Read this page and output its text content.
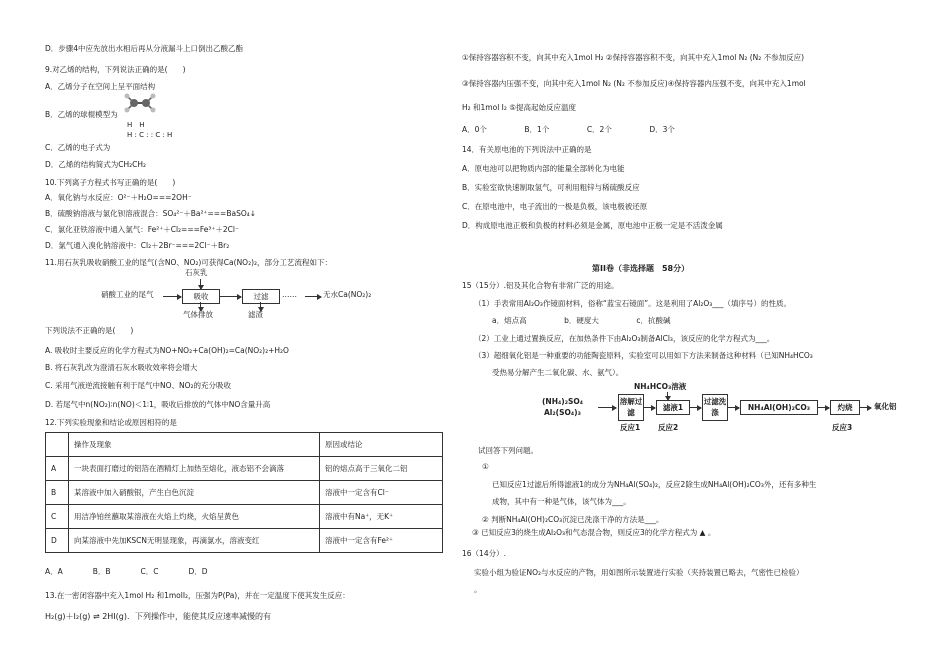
D．步骤4中应先放出水相后再从分液漏斗上口倒出乙酸乙酯
9.对乙烯的结构，下列说法正确的是(　　)
A．乙烯分子在空间上呈平面结构
B．乙烯的球棍模型为
H　H
H : C : : C : H
C．乙烯的电子式为
D．乙烯的结构简式为CH₂CH₂
10.下列离子方程式书写正确的是(　　)
A．氧化钠与水反应：O²⁻＋H₂O===2OH⁻
B．硫酸钠溶液与氯化钡溶液混合：SO₄²⁻＋Ba²⁺===BaSO₄↓
C．氯化亚铁溶液中通入氯气：Fe²⁺＋Cl₂===Fe³⁺＋2Cl⁻
D．氯气通入溴化钠溶液中：Cl₂＋2Br⁻===2Cl⁻＋Br₂
11.用石灰乳吸收硝酸工业的尾气(含NO、NO₂)可获得Ca(NO₂)₂，部分工艺流程如下：
石灰乳
硝酸工业的尾气	吸收	过滤	……	无水Ca(NO₂)₂
气体排放	滤渣
下列说法不正确的是(　　)
A. 吸收时主要反应的化学方程式为NO+NO₂+Ca(OH)₂=Ca(NO₂)₂+H₂O
B. 将石灰乳改为澄清石灰水吸收效率将会增大
C. 采用气液逆流接触有利于尾气中NO、NO₂的充分吸收
D. 若尾气中n(NO₂)∶n(NO)＜1∶1，吸收后排放的气体中NO含量升高
12.下列实验现象和结论或原因相符的是
	操作及现象	原因或结论
A	一块表面打磨过的铝箔在酒精灯上加热至熔化，液态铝不会滴落	铝的熔点高于三氧化二铝
B	某溶液中加入硝酸银，产生白色沉淀	溶液中一定含有Cl⁻
C	用洁净铂丝蘸取某溶液在火焰上灼烧，火焰呈黄色	溶液中有Na⁺，无K⁺
D	向某溶液中先加KSCN无明显现象，再滴氯水，溶液变红	溶液中一定含有Fe²⁺
A．A　　　　B．B　　　　C．C　　　　D．D
13.在一密闭容器中充入1mol H₂ 和1molI₂，压强为P(Pa)，并在一定温度下使其发生反应：
H₂(g)＋I₂(g) ⇌ 2HI(g)．下列操作中，能使其反应速率减慢的有
①保持容器容积不变，向其中充入1mol H₂ ②保持容器容积不变，向其中充入1mol N₂ (N₂ 不参加反应)
③保持容器内压强不变，向其中充入1mol N₂ (N₂ 不参加反应)④保持容器内压强不变，向其中充入1mol
H₂ 和1mol I₂ ⑤提高起始反应温度
A．0个　　　　　B．1个　　　　　C．2个　　　　　D．3个
14．有关原电池的下列说法中正确的是
A．原电池可以把物质内部的能量全部转化为电能
B．实验室欲快速制取氢气，可利用粗锌与稀硫酸反应
C．在原电池中，电子流出的一极是负极，该电极被还原
D．构成原电池正极和负极的材料必须是金属，原电池中正极一定是不活泼金属
第II卷（非选择题　58分）
15（15分）.铝及其化合物有非常广泛的用途。
（1）手表常用Al₂O₃作镜面材料，俗称“蓝宝石镜面”。这是利用了Al₂O₃___（填序号）的性质。
a．熔点高　　　　　b．硬度大　　　　　c．抗酸碱
（2）工业上通过置换反应，在加热条件下由Al₂O₃制备AlCl₃，该反应的化学方程式为___。
（3）超细氧化铝是一种重要的功能陶瓷原料，实验室可以用如下方法来制备这种材料（已知NH₄HCO₃
受热易分解产生二氧化碳、水、氨气）。
NH₄HCO₃溶液
(NH₄)₂SO₄
Al₂(SO₄)₃
溶解过滤
滤液1
过滤洗涤
NH₄Al(OH)₂CO₃	灼烧	氧化铝
反应1 反应2	反应3
试回答下列问题。
①
已知反应1过滤后所得滤液1的成分为NH₄Al(SO₄)₂，反应2除生成NH₄Al(OH)₂CO₃外，还有多种生
成物，其中有一种是气体，该气体为___。
② 判断NH₄Al(OH)₂CO₃沉淀已洗涤干净的方法是___。
③ 已知反应3的烧生成Al₂O₃和气态混合物，则反应3的化学方程式为 ▲ 。
16（14分）.
实验小组为验证NO₂与水反应的产物，用如图所示装置进行实验（夹持装置已略去，气密性已检验）
。
